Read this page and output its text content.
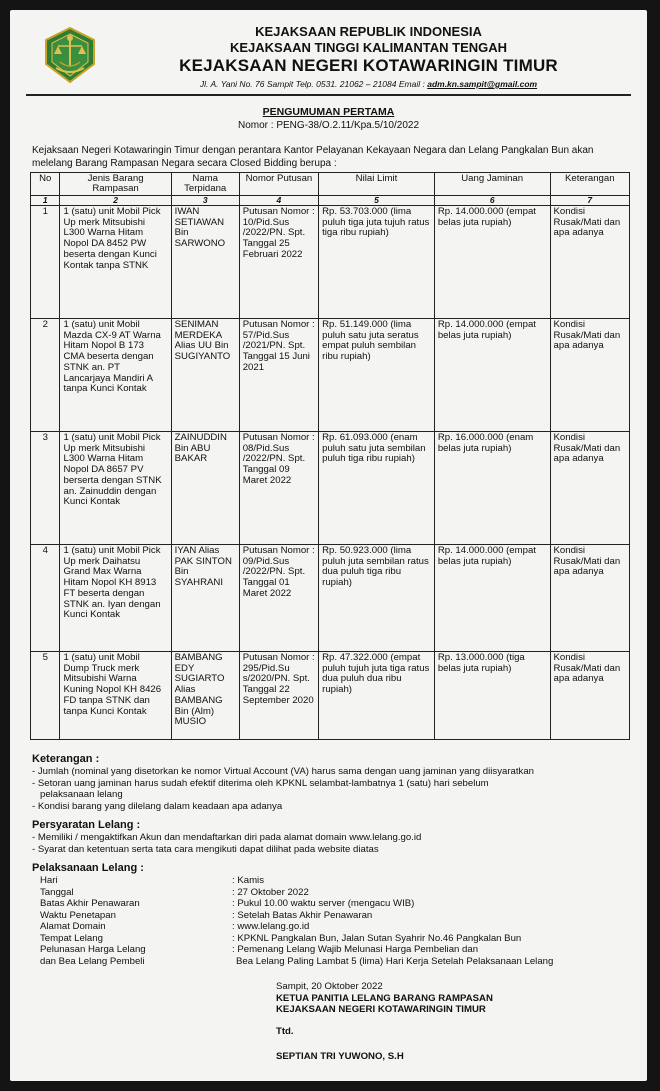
KEJAKSAAN REPUBLIK INDONESIA
KEJAKSAAN TINGGI KALIMANTAN TENGAH
KEJAKSAAN NEGERI KOTAWARINGIN TIMUR
Jl. A. Yani No. 76 Sampit Telp. 0531. 21062 – 21084 Email : adm.kn.sampit@gmail.com
PENGUMUMAN PERTAMA
Nomor : PENG-38/O.2.11/Kpa.5/10/2022
Kejaksaan Negeri Kotawaringin Timur dengan perantara Kantor Pelayanan Kekayaan Negara dan Lelang Pangkalan Bun akan melelang Barang Rampasan Negara secara Closed Bidding berupa :
No	Jenis Barang Rampasan	Nama Terpidana	Nomor Putusan	Nilai Limit	Uang Jaminan	Keterangan
1	2	3	4	5	6	7
1	1 (satu) unit Mobil Pick Up merk Mitsubishi L300 Warna Hitam Nopol DA 8452 PW beserta dengan Kunci Kontak tanpa STNK	IWAN SETIAWAN Bin SARWONO	Putusan Nomor : 10/Pid.Sus /2022/PN. Spt. Tanggal 25 Februari 2022	Rp. 53.703.000 (lima puluh tiga juta tujuh ratus tiga ribu rupiah)	Rp. 14.000.000 (empat belas juta rupiah)	Kondisi Rusak/Mati dan apa adanya
2	1 (satu) unit Mobil Mazda CX-9 AT Warna Hitam Nopol B 173 CMA beserta dengan STNK an. PT Lancarjaya Mandiri A tanpa Kunci Kontak	SENIMAN MERDEKA Alias UU Bin SUGIYANTO	Putusan Nomor : 57/Pid.Sus /2021/PN. Spt. Tanggal 15 Juni 2021	Rp. 51.149.000 (lima puluh satu juta seratus empat puluh sembilan ribu rupiah)	Rp. 14.000.000 (empat belas juta rupiah)	Kondisi Rusak/Mati dan apa adanya
3	1 (satu) unit Mobil Pick Up merk Mitsubishi L300 Warna Hitam Nopol DA 8657 PV berserta dengan STNK an. Zainuddin dengan Kunci Kontak	ZAINUDDIN Bin ABU BAKAR	Putusan Nomor : 08/Pid.Sus /2022/PN. Spt. Tanggal 09 Maret 2022	Rp. 61.093.000 (enam puluh satu juta sembilan puluh tiga ribu rupiah)	Rp. 16.000.000 (enam belas juta rupiah)	Kondisi Rusak/Mati dan apa adanya
4	1 (satu) unit Mobil Pick Up merk Daihatsu Grand Max Warna Hitam Nopol KH 8913 FT beserta dengan STNK an. Iyan dengan Kunci Kontak	IYAN Alias PAK SINTON Bin SYAHRANI	Putusan Nomor : 09/Pid.Sus /2022/PN. Spt. Tanggal 01 Maret 2022	Rp. 50.923.000 (lima puluh juta sembilan ratus dua puluh tiga ribu rupiah)	Rp. 14.000.000 (empat belas juta rupiah)	Kondisi Rusak/Mati dan apa adanya
5	1 (satu) unit Mobil Dump Truck merk Mitsubishi Warna Kuning Nopol KH 8426 FD tanpa STNK dan tanpa Kunci Kontak	BAMBANG EDY SUGIARTO Alias BAMBANG Bin (Alm) MUSIO	Putusan Nomor : 295/Pid.Su s/2020/PN. Spt. Tanggal 22 September 2020	Rp. 47.322.000 (empat puluh tujuh juta tiga ratus dua puluh dua ribu rupiah)	Rp. 13.000.000 (tiga belas juta rupiah)	Kondisi Rusak/Mati dan apa adanya
Keterangan :
- Jumlah (nominal yang disetorkan ke nomor Virtual Account (VA) harus sama dengan uang jaminan yang diisyaratkan
- Setoran uang jaminan harus sudah efektif diterima oleh KPKNL selambat-lambatnya 1 (satu) hari sebelum
pelaksanaan lelang
- Kondisi barang yang dilelang dalam keadaan apa adanya
Persyaratan Lelang :
- Memiliki / mengaktifkan Akun dan mendaftarkan diri pada alamat domain www.lelang.go.id
- Syarat dan ketentuan serta tata cara mengikuti dapat dilihat pada website diatas
Pelaksanaan Lelang :
Hari	: Kamis
Tanggal	: 27 Oktober 2022
Batas Akhir Penawaran	: Pukul 10.00 waktu server (mengacu WIB)
Waktu Penetapan	: Setelah Batas Akhir Penawaran
Alamat Domain	: www.lelang.go.id
Tempat Lelang	: KPKNL Pangkalan Bun, Jalan Sutan Syahrir No.46 Pangkalan Bun
Pelunasan Harga Lelang	: Pemenang Lelang Wajib Melunasi Harga Pembelian dan
dan Bea Lelang Pembeli	Bea Lelang Paling Lambat 5 (lima) Hari Kerja Setelah Pelaksanaan Lelang
Sampit, 20 Oktober 2022
KETUA PANITIA LELANG BARANG RAMPASAN
KEJAKSAAN NEGERI KOTAWARINGIN TIMUR
Ttd.
SEPTIAN TRI YUWONO, S.H
